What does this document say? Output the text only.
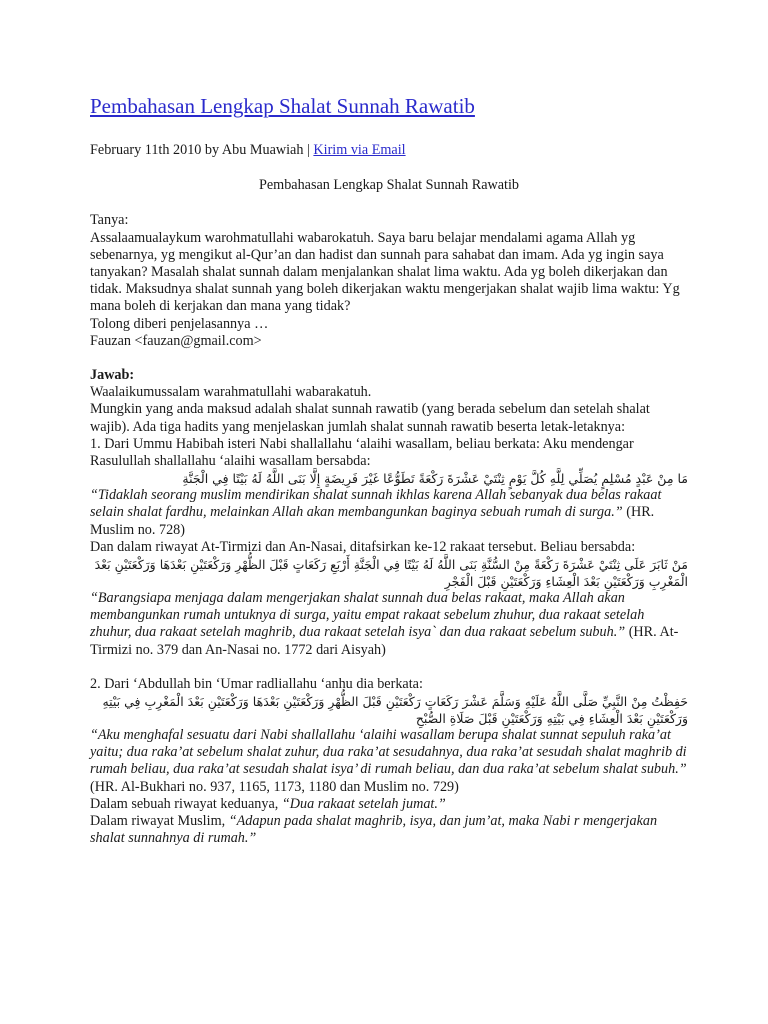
Pembahasan Lengkap Shalat Sunnah Rawatib

February 11th 2010 by Abu Muawiah | Kirim via Email

Pembahasan Lengkap Shalat Sunnah Rawatib

Tanya:

Assalaamualaykum warohmatullahi wabarokatuh. Saya baru belajar mendalami agama Allah yg sebenarnya, yg mengikut al-Qur’an dan hadist dan sunnah para sahabat dan imam. Ada yg ingin saya tanyakan? Masalah shalat sunnah dalam menjalankan shalat lima waktu. Ada yg boleh dikerjakan dan tidak. Maksudnya shalat sunnah yang boleh dikerjakan waktu mengerjakan shalat wajib lima waktu: Yg mana boleh di kerjakan dan mana yang tidak?

Tolong diberi penjelasannya …

Fauzan <fauzan@gmail.com>

Jawab:

Waalaikumussalam warahmatullahi wabarakatuh.

Mungkin yang anda maksud adalah shalat sunnah rawatib (yang berada sebelum dan setelah shalat wajib). Ada tiga hadits yang menjelaskan jumlah shalat sunnah rawatib beserta letak-letaknya:

1. Dari Ummu Habibah isteri Nabi shallallahu ‘alaihi wasallam, beliau berkata: Aku mendengar Rasulullah shallallahu ‘alaihi wasallam bersabda:

مَا مِنْ عَبْدٍ مُسْلِمٍ يُصَلِّي لِلَّهِ كُلَّ يَوْمٍ ثِنْتَيْ عَشْرَةَ رَكْعَةً تَطَوُّعًا غَيْرَ فَرِيضَةٍ إِلَّا بَنَى اللَّهُ لَهُ بَيْتًا فِي الْجَنَّةِ

“Tidaklah seorang muslim mendirikan shalat sunnah ikhlas karena Allah sebanyak dua belas rakaat selain shalat fardhu, melainkan Allah akan membangunkan baginya sebuah rumah di surga.” (HR. Muslim no. 728)

Dan dalam riwayat At-Tirmizi dan An-Nasai, ditafsirkan ke-12 rakaat tersebut. Beliau bersabda:

مَنْ ثَابَرَ عَلَى ثِنْتَيْ عَشْرَةَ رَكْعَةً مِنْ السُّنَّةِ بَنَى اللَّهُ لَهُ بَيْتًا فِي الْجَنَّةِ أَرْبَعِ رَكَعَاتٍ قَبْلَ الظُّهْرِ وَرَكْعَتَيْنِ بَعْدَهَا وَرَكْعَتَيْنِ بَعْدَ الْمَغْرِبِ وَرَكْعَتَيْنِ بَعْدَ الْعِشَاءِ وَرَكْعَتَيْنِ قَبْلَ الْفَجْرِ

“Barangsiapa menjaga dalam mengerjakan shalat sunnah dua belas rakaat, maka Allah akan membangunkan rumah untuknya di surga, yaitu empat rakaat sebelum zhuhur, dua rakaat setelah zhuhur, dua rakaat setelah maghrib, dua rakaat setelah isya` dan dua rakaat sebelum subuh.” (HR. At-Tirmizi no. 379 dan An-Nasai no. 1772 dari Aisyah)

2. Dari ‘Abdullah bin ‘Umar radliallahu ‘anhu dia berkata:

حَفِظْتُ مِنْ النَّبِيِّ صَلَّى اللَّهُ عَلَيْهِ وَسَلَّمَ عَشْرَ رَكَعَاتٍ رَكْعَتَيْنِ قَبْلَ الظُّهْرِ وَرَكْعَتَيْنِ بَعْدَهَا وَرَكْعَتَيْنِ بَعْدَ الْمَغْرِبِ فِي بَيْتِهِ وَرَكْعَتَيْنِ بَعْدَ الْعِشَاءِ فِي بَيْتِهِ وَرَكْعَتَيْنِ قَبْلَ صَلَاةِ الصُّبْحِ

“Aku menghafal sesuatu dari Nabi shallallahu ‘alaihi wasallam berupa shalat sunnat sepuluh raka’at yaitu; dua raka’at sebelum shalat zuhur, dua raka’at sesudahnya, dua raka’at sesudah shalat maghrib di rumah beliau, dua raka’at sesudah shalat isya’ di rumah beliau, dan dua raka’at sebelum shalat subuh.” (HR. Al-Bukhari no. 937, 1165, 1173, 1180 dan Muslim no. 729)

Dalam sebuah riwayat keduanya, “Dua rakaat setelah jumat.”

Dalam riwayat Muslim, “Adapun pada shalat maghrib, isya, dan jum’at, maka Nabi r mengerjakan shalat sunnahnya di rumah.”
